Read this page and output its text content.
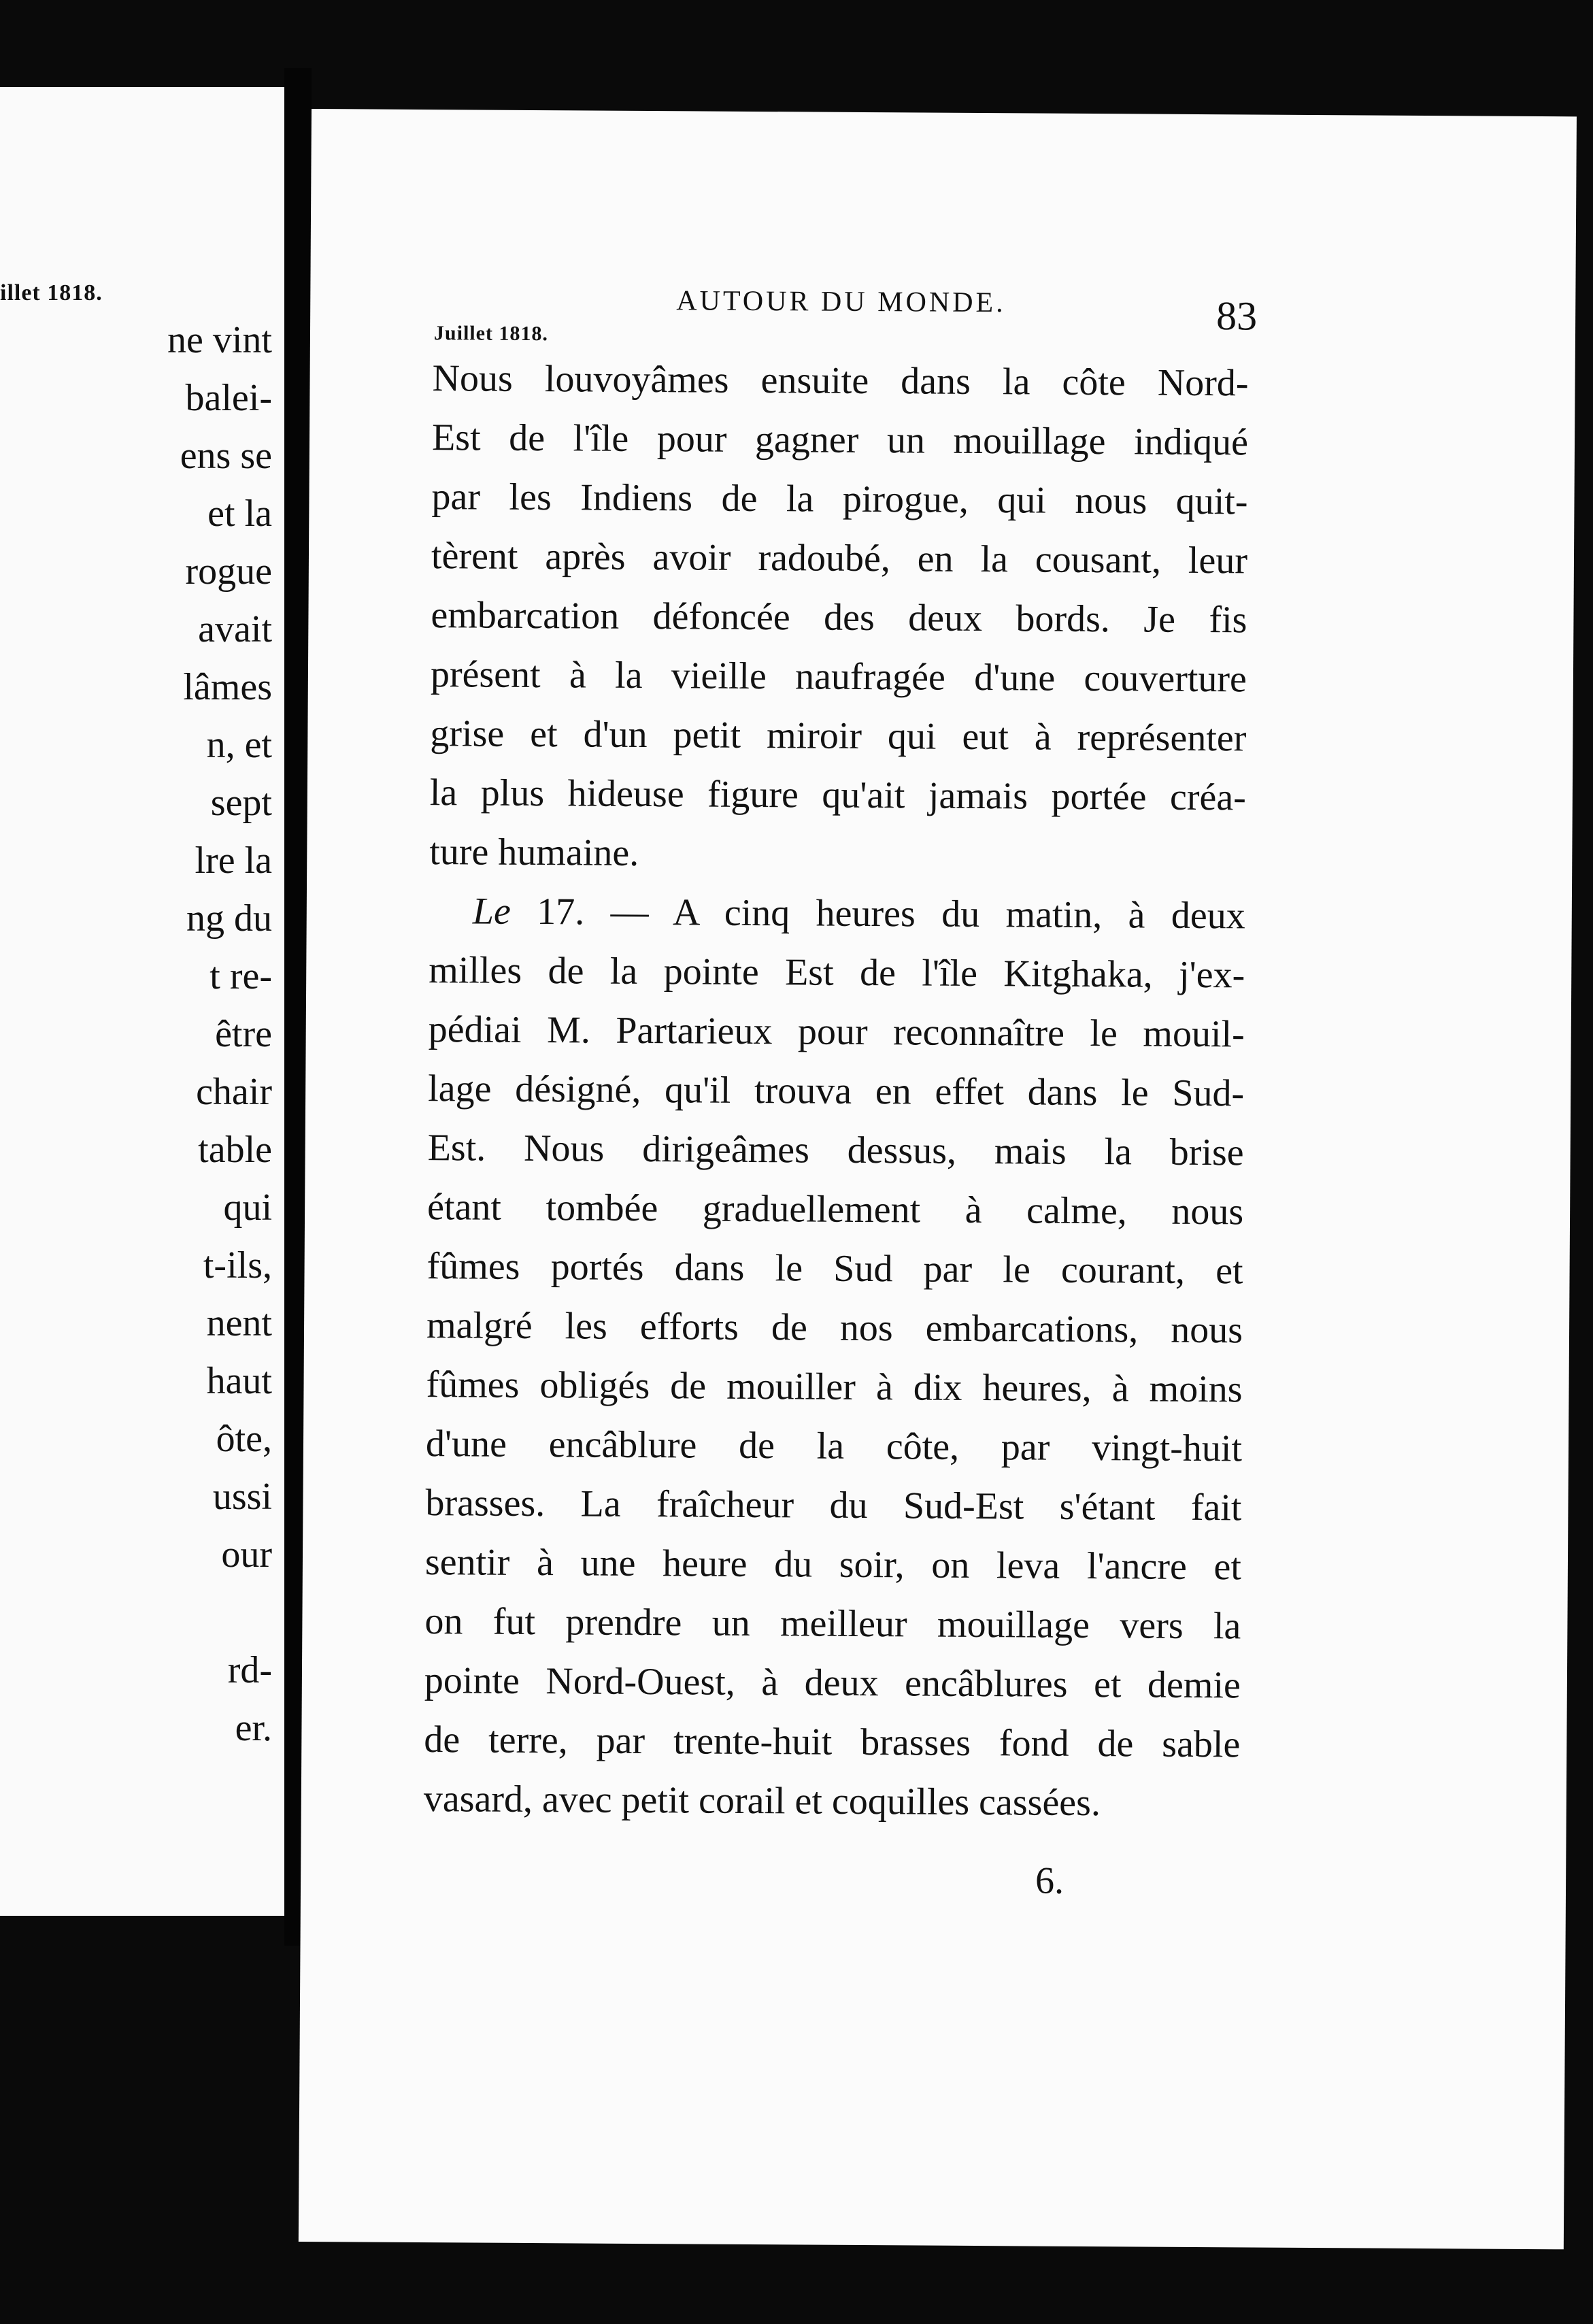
illet 1818.
ne vint
balei-
ens se
et la
rogue
avait
lâmes
n, et
sept
lre la
ng du
t re-
être
chair
table
qui
t-ils,
nent
haut
ôte,
ussi
our
rd-
er.
AUTOUR DU MONDE.	83
Juillet 1818.
Nous louvoyâmes ensuite dans la côte Nord-
Est de l'île pour gagner un mouillage indiqué
par les Indiens de la pirogue, qui nous quit-
tèrent après avoir radoubé, en la cousant, leur
embarcation défoncée des deux bords. Je fis
présent à la vieille naufragée d'une couverture
grise et d'un petit miroir qui eut à représenter
la plus hideuse figure qu'ait jamais portée créa-
ture humaine.
Le 17. — A cinq heures du matin, à deux
milles de la pointe Est de l'île Kitghaka, j'ex-
pédiai M. Partarieux pour reconnaître le mouil-
lage désigné, qu'il trouva en effet dans le Sud-
Est. Nous dirigeâmes dessus, mais la brise
étant tombée graduellement à calme, nous
fûmes portés dans le Sud par le courant, et
malgré les efforts de nos embarcations, nous
fûmes obligés de mouiller à dix heures, à moins
d'une encâblure de la côte, par vingt-huit
brasses. La fraîcheur du Sud-Est s'étant fait
sentir à une heure du soir, on leva l'ancre et
on fut prendre un meilleur mouillage vers la
pointe Nord-Ouest, à deux encâblures et demie
de terre, par trente-huit brasses fond de sable
vasard, avec petit corail et coquilles cassées.
6.
